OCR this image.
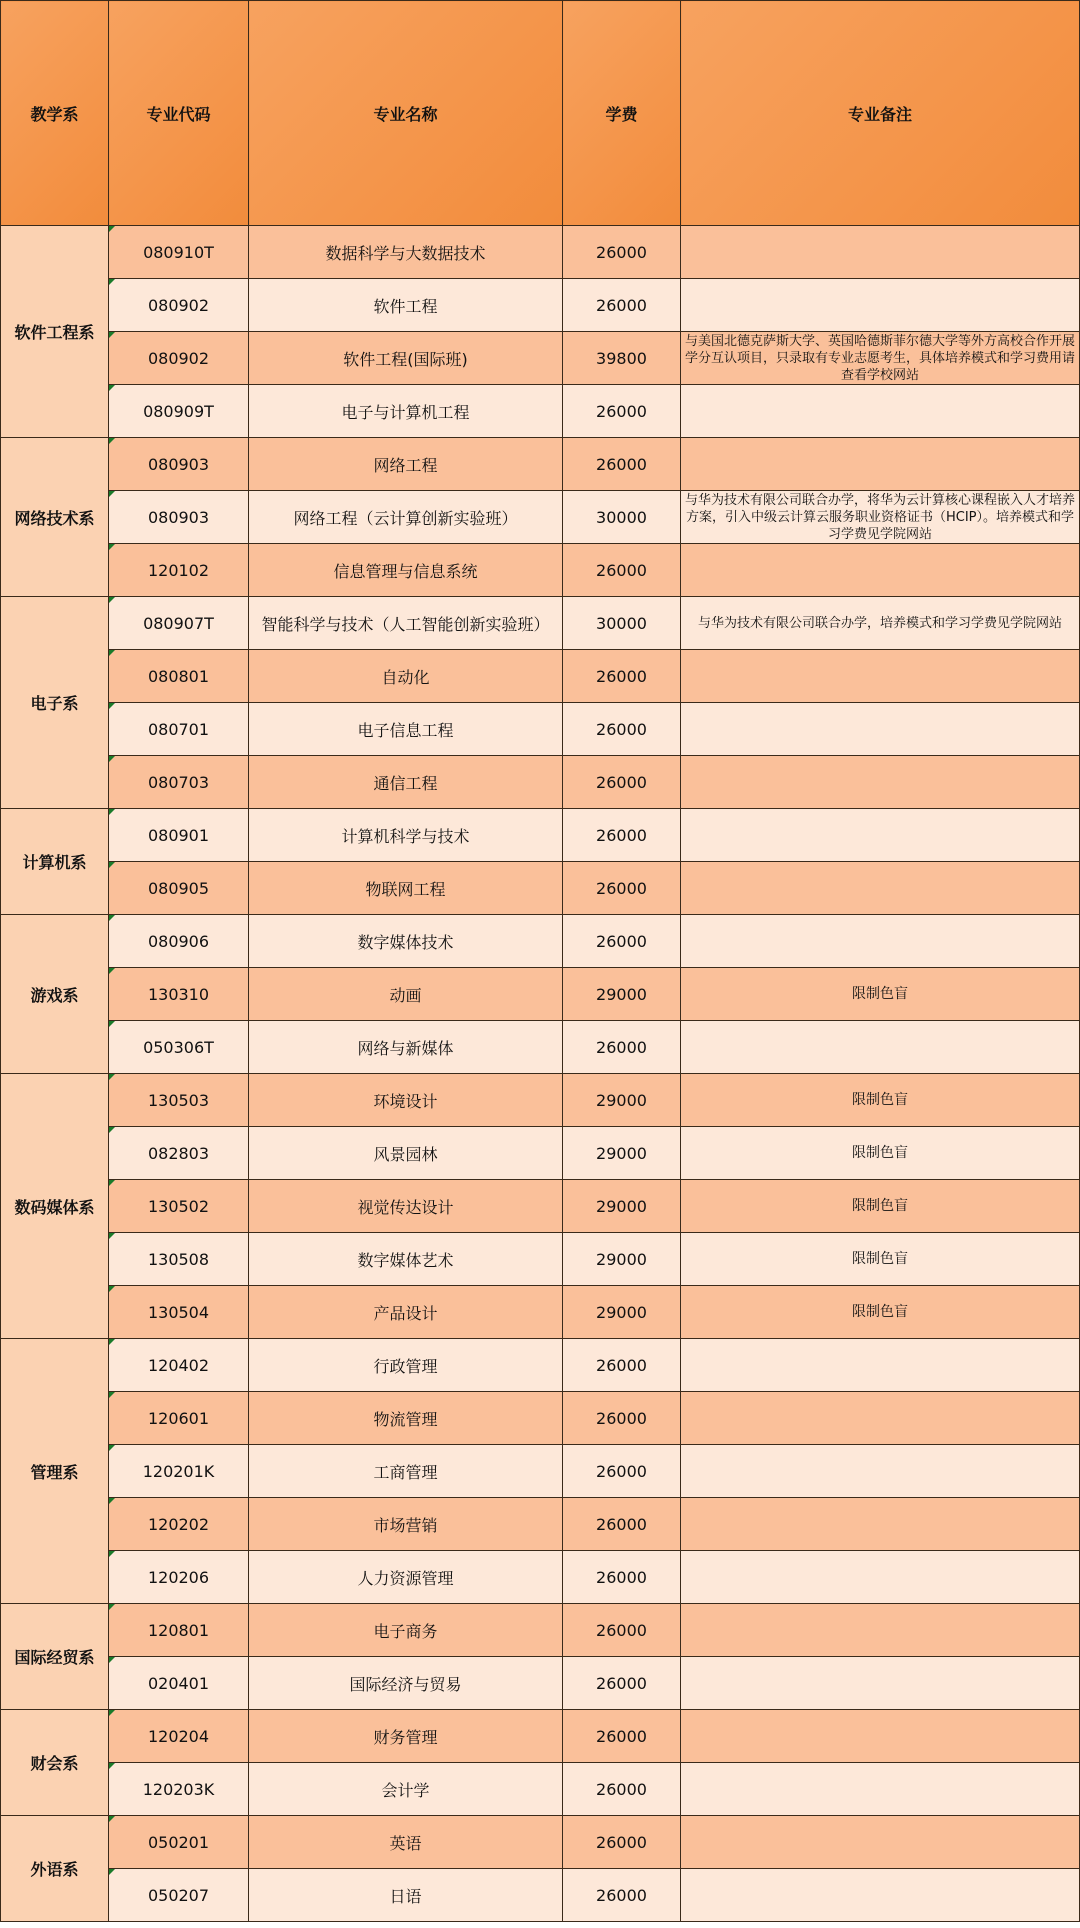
教学系	专业代码	专业名称	学费	专业备注
软件工程系	080910T	数据科学与大数据技术	26000	
	080902	软件工程	26000	
	080902	软件工程(国际班)	39800	与美国北德克萨斯大学、英国哈德斯菲尔德大学等外方高校合作开展学分互认项目，只录取有专业志愿考生，具体培养模式和学习费用请查看学校网站
	080909T	电子与计算机工程	26000	
网络技术系	080903	网络工程	26000	
	080903	网络工程（云计算创新实验班）	30000	与华为技术有限公司联合办学，将华为云计算核心课程嵌入人才培养方案，引入中级云计算云服务职业资格证书（HCIP）。培养模式和学习学费见学院网站
	120102	信息管理与信息系统	26000	
电子系	080907T	智能科学与技术（人工智能创新实验班）	30000	与华为技术有限公司联合办学，培养模式和学习学费见学院网站
	080801	自动化	26000	
	080701	电子信息工程	26000	
	080703	通信工程	26000	
计算机系	080901	计算机科学与技术	26000	
	080905	物联网工程	26000	
游戏系	080906	数字媒体技术	26000	
	130310	动画	29000	限制色盲
	050306T	网络与新媒体	26000	
数码媒体系	130503	环境设计	29000	限制色盲
	082803	风景园林	29000	限制色盲
	130502	视觉传达设计	29000	限制色盲
	130508	数字媒体艺术	29000	限制色盲
	130504	产品设计	29000	限制色盲
管理系	120402	行政管理	26000	
	120601	物流管理	26000	
	120201K	工商管理	26000	
	120202	市场营销	26000	
	120206	人力资源管理	26000	
国际经贸系	120801	电子商务	26000	
	020401	国际经济与贸易	26000	
财会系	120204	财务管理	26000	
	120203K	会计学	26000	
外语系	050201	英语	26000	
	050207	日语	26000	
